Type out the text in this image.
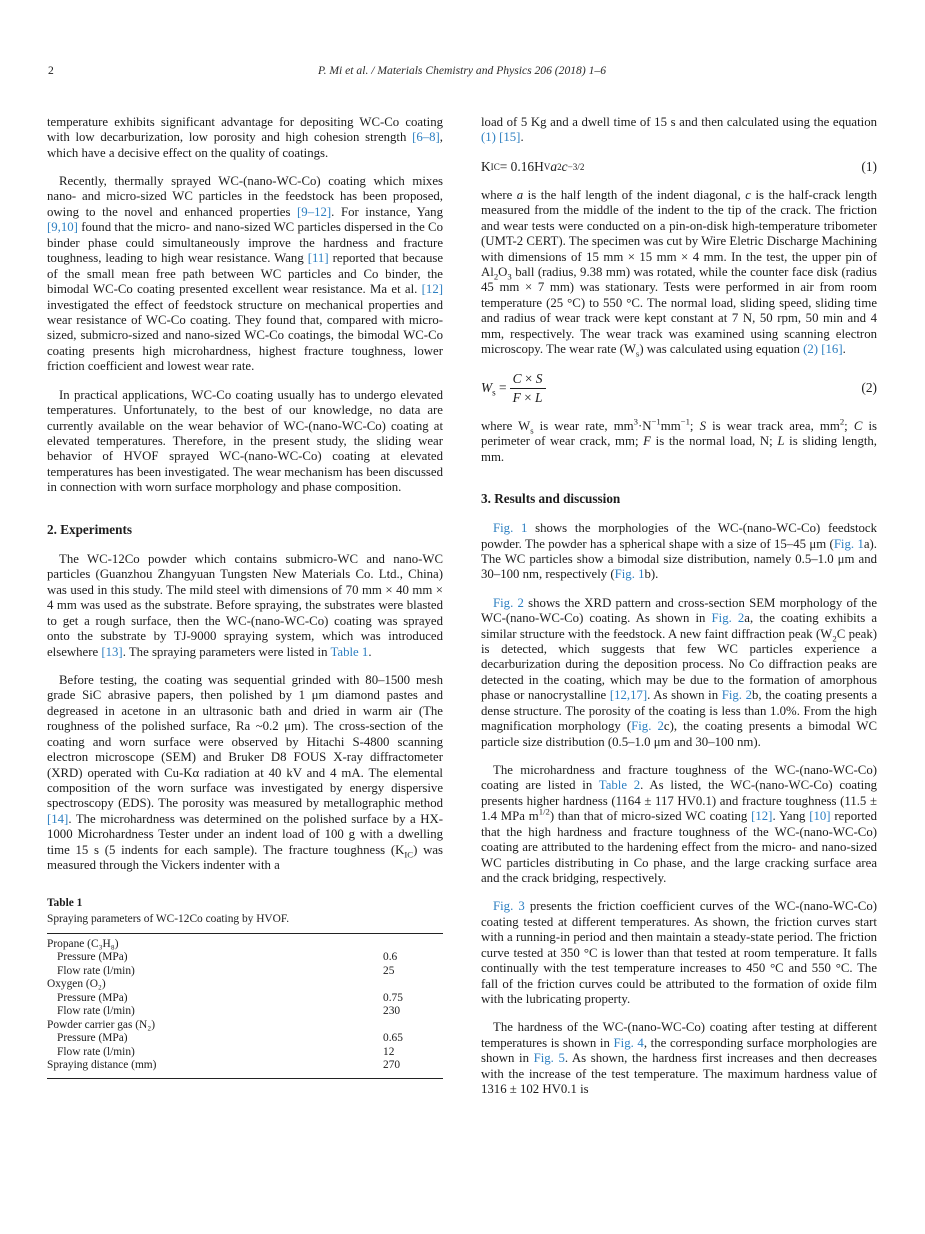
2	P. Mi et al. / Materials Chemistry and Physics 206 (2018) 1–6

temperature exhibits significant advantage for depositing WC-Co coating with low decarburization, low porosity and high cohesion strength [6–8], which have a decisive effect on the quality of coatings.

Recently, thermally sprayed WC-(nano-WC-Co) coating which mixes nano- and micro-sized WC particles in the feedstock has been proposed, owing to the novel and enhanced properties [9–12]. For instance, Yang [9,10] found that the micro- and nano-sized WC particles dispersed in the Co binder phase could simultaneously improve the hardness and fracture toughness, leading to high wear resistance. Wang [11] reported that because of the small mean free path between WC particles and Co binder, the bimodal WC-Co coating presented excellent wear resistance. Ma et al. [12] investigated the effect of feedstock structure on mechanical properties and wear resistance of WC-Co coating. They found that, compared with micro-sized, submicro-sized and nano-sized WC-Co coatings, the bimodal WC-Co coating presents high microhardness, highest fracture toughness, lower friction coefficient and lowest wear rate.

In practical applications, WC-Co coating usually has to undergo elevated temperatures. Unfortunately, to the best of our knowledge, no data are currently available on the wear behavior of WC-(nano-WC-Co) coating at elevated temperatures. Therefore, in the present study, the sliding wear behavior of HVOF sprayed WC-(nano-WC-Co) coating at elevated temperatures has been investigated. The wear mechanism has been discussed in connection with worn surface morphology and phase composition.

2. Experiments

The WC-12Co powder which contains submicro-WC and nano-WC particles (Guanzhou Zhangyuan Tungsten New Materials Co. Ltd., China) was used in this study. The mild steel with dimensions of 70 mm × 40 mm × 4 mm was used as the substrate. Before spraying, the substrates were blasted to get a rough surface, then the WC-(nano-WC-Co) coating was sprayed onto the substrate by TJ-9000 spraying system, which was introduced elsewhere [13]. The spraying parameters were listed in Table 1.

Before testing, the coating was sequential grinded with 80–1500 mesh grade SiC abrasive papers, then polished by 1 μm diamond pastes and degreased in acetone in an ultrasonic bath and dried in warm air (The roughness of the polished surface, Ra ~0.2 μm). The cross-section of the coating and worn surface were observed by Hitachi S-4800 scanning electron microscope (SEM) and Bruker D8 FOUS X-ray diffractometer (XRD) operated with Cu-Kα radiation at 40 kV and 4 mA. The elemental composition of the worn surface was investigated by energy dispersive spectroscopy (EDS). The porosity was measured by metallographic method [14]. The microhardness was determined on the polished surface by a HX-1000 Microhardness Tester under an indent load of 100 g with a dwelling time 15 s (5 indents for each sample). The fracture toughness $(K_{IC})$ was measured through the Vickers indenter with a

Table 1
Spraying parameters of WC-12Co coating by HVOF.
Propane (C₃H₈)
Pressure (MPa)	0.6
Flow rate (l/min)	25
Oxygen (O₂)
Pressure (MPa)	0.75
Flow rate (l/min)	230
Powder carrier gas (N₂)
Pressure (MPa)	0.65
Flow rate (l/min)	12
Spraying distance (mm)	270

load of 5 Kg and a dwell time of 15 s and then calculated using the equation (1) [15].

K IC = 0.16H V a 2 c −3/2	(1)

where a is the half length of the indent diagonal, c is the half-crack length measured from the middle of the indent to the tip of the crack. The friction and wear tests were conducted on a pin-on-disk high-temperature tribometer (UMT-2 CERT). The specimen was cut by Wire Eletric Discharge Machining with dimensions of 15 mm × 15 mm × 4 mm. In the test, the upper pin of $Al_2O_3$ ball (radius, 9.38 mm) was rotated, while the counter face disk (radius 45 mm × 7 mm) was stationary. Tests were performed in air from room temperature (25 °C) to 550 °C. The normal load, sliding speed, sliding time and radius of wear track were kept constant at 7 N, 50 rpm, 50 min and 4 mm, respectively. The wear track was examined using scanning electron microscopy. The wear rate $(W_s)$ was calculated using equation (2) [16].

$W_s = \frac{C \times S}{F \times L}$	(2)

where $W_s$ is wear rate, $mm^3\cdot N^{-1}mm^{-1}$; S is wear track area, $mm^2$; C is perimeter of wear crack, mm; F is the normal load, N; L is sliding length, mm.

3. Results and discussion

Fig. 1 shows the morphologies of the WC-(nano-WC-Co) feedstock powder. The powder has a spherical shape with a size of 15–45 μm (Fig. 1a). The WC particles show a bimodal size distribution, namely 0.5–1.0 μm and 30–100 nm, respectively (Fig. 1b).

Fig. 2 shows the XRD pattern and cross-section SEM morphology of the WC-(nano-WC-Co) coating. As shown in Fig. 2a, the coating exhibits a similar structure with the feedstock. A new faint diffraction peak ($W_2C$ peak) is detected, which suggests that few WC particles experience a decarburization during the deposition process. No Co diffraction peaks are detected in the coating, which may be due to the formation of amorphous phase or nanocrystalline [12,17]. As shown in Fig. 2b, the coating presents a dense structure. The porosity of the coating is less than 1.0%. From the high magnification morphology (Fig. 2c), the coating presents a bimodal WC particle size distribution (0.5–1.0 μm and 30–100 nm).

The microhardness and fracture toughness of the WC-(nano-WC-Co) coating are listed in Table 2. As listed, the WC-(nano-WC-Co) coating presents higher hardness (1164 ± 117 HV0.1) and fracture toughness (11.5 ± 1.4 MPa $m^{1/2}$) than that of micro-sized WC coating [12]. Yang [10] reported that the high hardness and fracture toughness of the WC-(nano-WC-Co) coating are attributed to the hardening effect from the micro- and nano-sized WC particles distributing in Co phase, and the large cracking surface area and the crack bridging, respectively.

Fig. 3 presents the friction coefficient curves of the WC-(nano-WC-Co) coating tested at different temperatures. As shown, the friction curves start with a running-in period and then maintain a steady-state period. The friction curve tested at 350 °C is lower than that tested at room temperature. It falls continually with the test temperature increases to 450 °C and 550 °C. The fall of the friction curves could be attributed to the formation of oxide film with the lubricating property.

The hardness of the WC-(nano-WC-Co) coating after testing at different temperatures is shown in Fig. 4, the corresponding surface morphologies are shown in Fig. 5. As shown, the hardness first increases and then decreases with the increase of the test temperature. The maximum hardness value of 1316 ± 102 HV0.1 is
